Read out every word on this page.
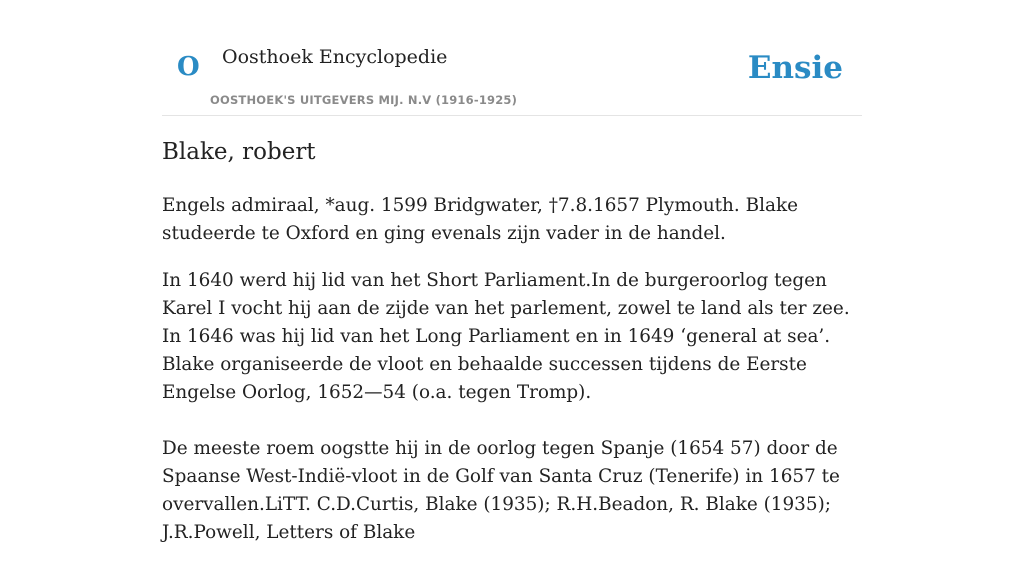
O Oosthoek Encyclopedie
OOSTHOEK'S UITGEVERS MIJ. N.V (1916-1925)
Ensie
Blake, robert

Engels admiraal, *aug. 1599 Bridgwater, †7.8.1657 Plymouth. Blake studeerde te Oxford en ging evenals zijn vader in de handel.

In 1640 werd hij lid van het Short Parliament.In de burgeroorlog tegen Karel I vocht hij aan de zijde van het parlement, zowel te land als ter zee. In 1646 was hij lid van het Long Parliament en in 1649 ‘general at sea’. Blake organiseerde de vloot en behaalde successen tijdens de Eerste Engelse Oorlog, 1652—54 (o.a. tegen Tromp).

De meeste roem oogstte hij in de oorlog tegen Spanje (1654 57) door de Spaanse West-Indië-vloot in de Golf van Santa Cruz (Tenerife) in 1657 te overvallen.LiTT. C.D.Curtis, Blake (1935); R.H.Beadon, R. Blake (1935); J.R.Powell, Letters of Blake
